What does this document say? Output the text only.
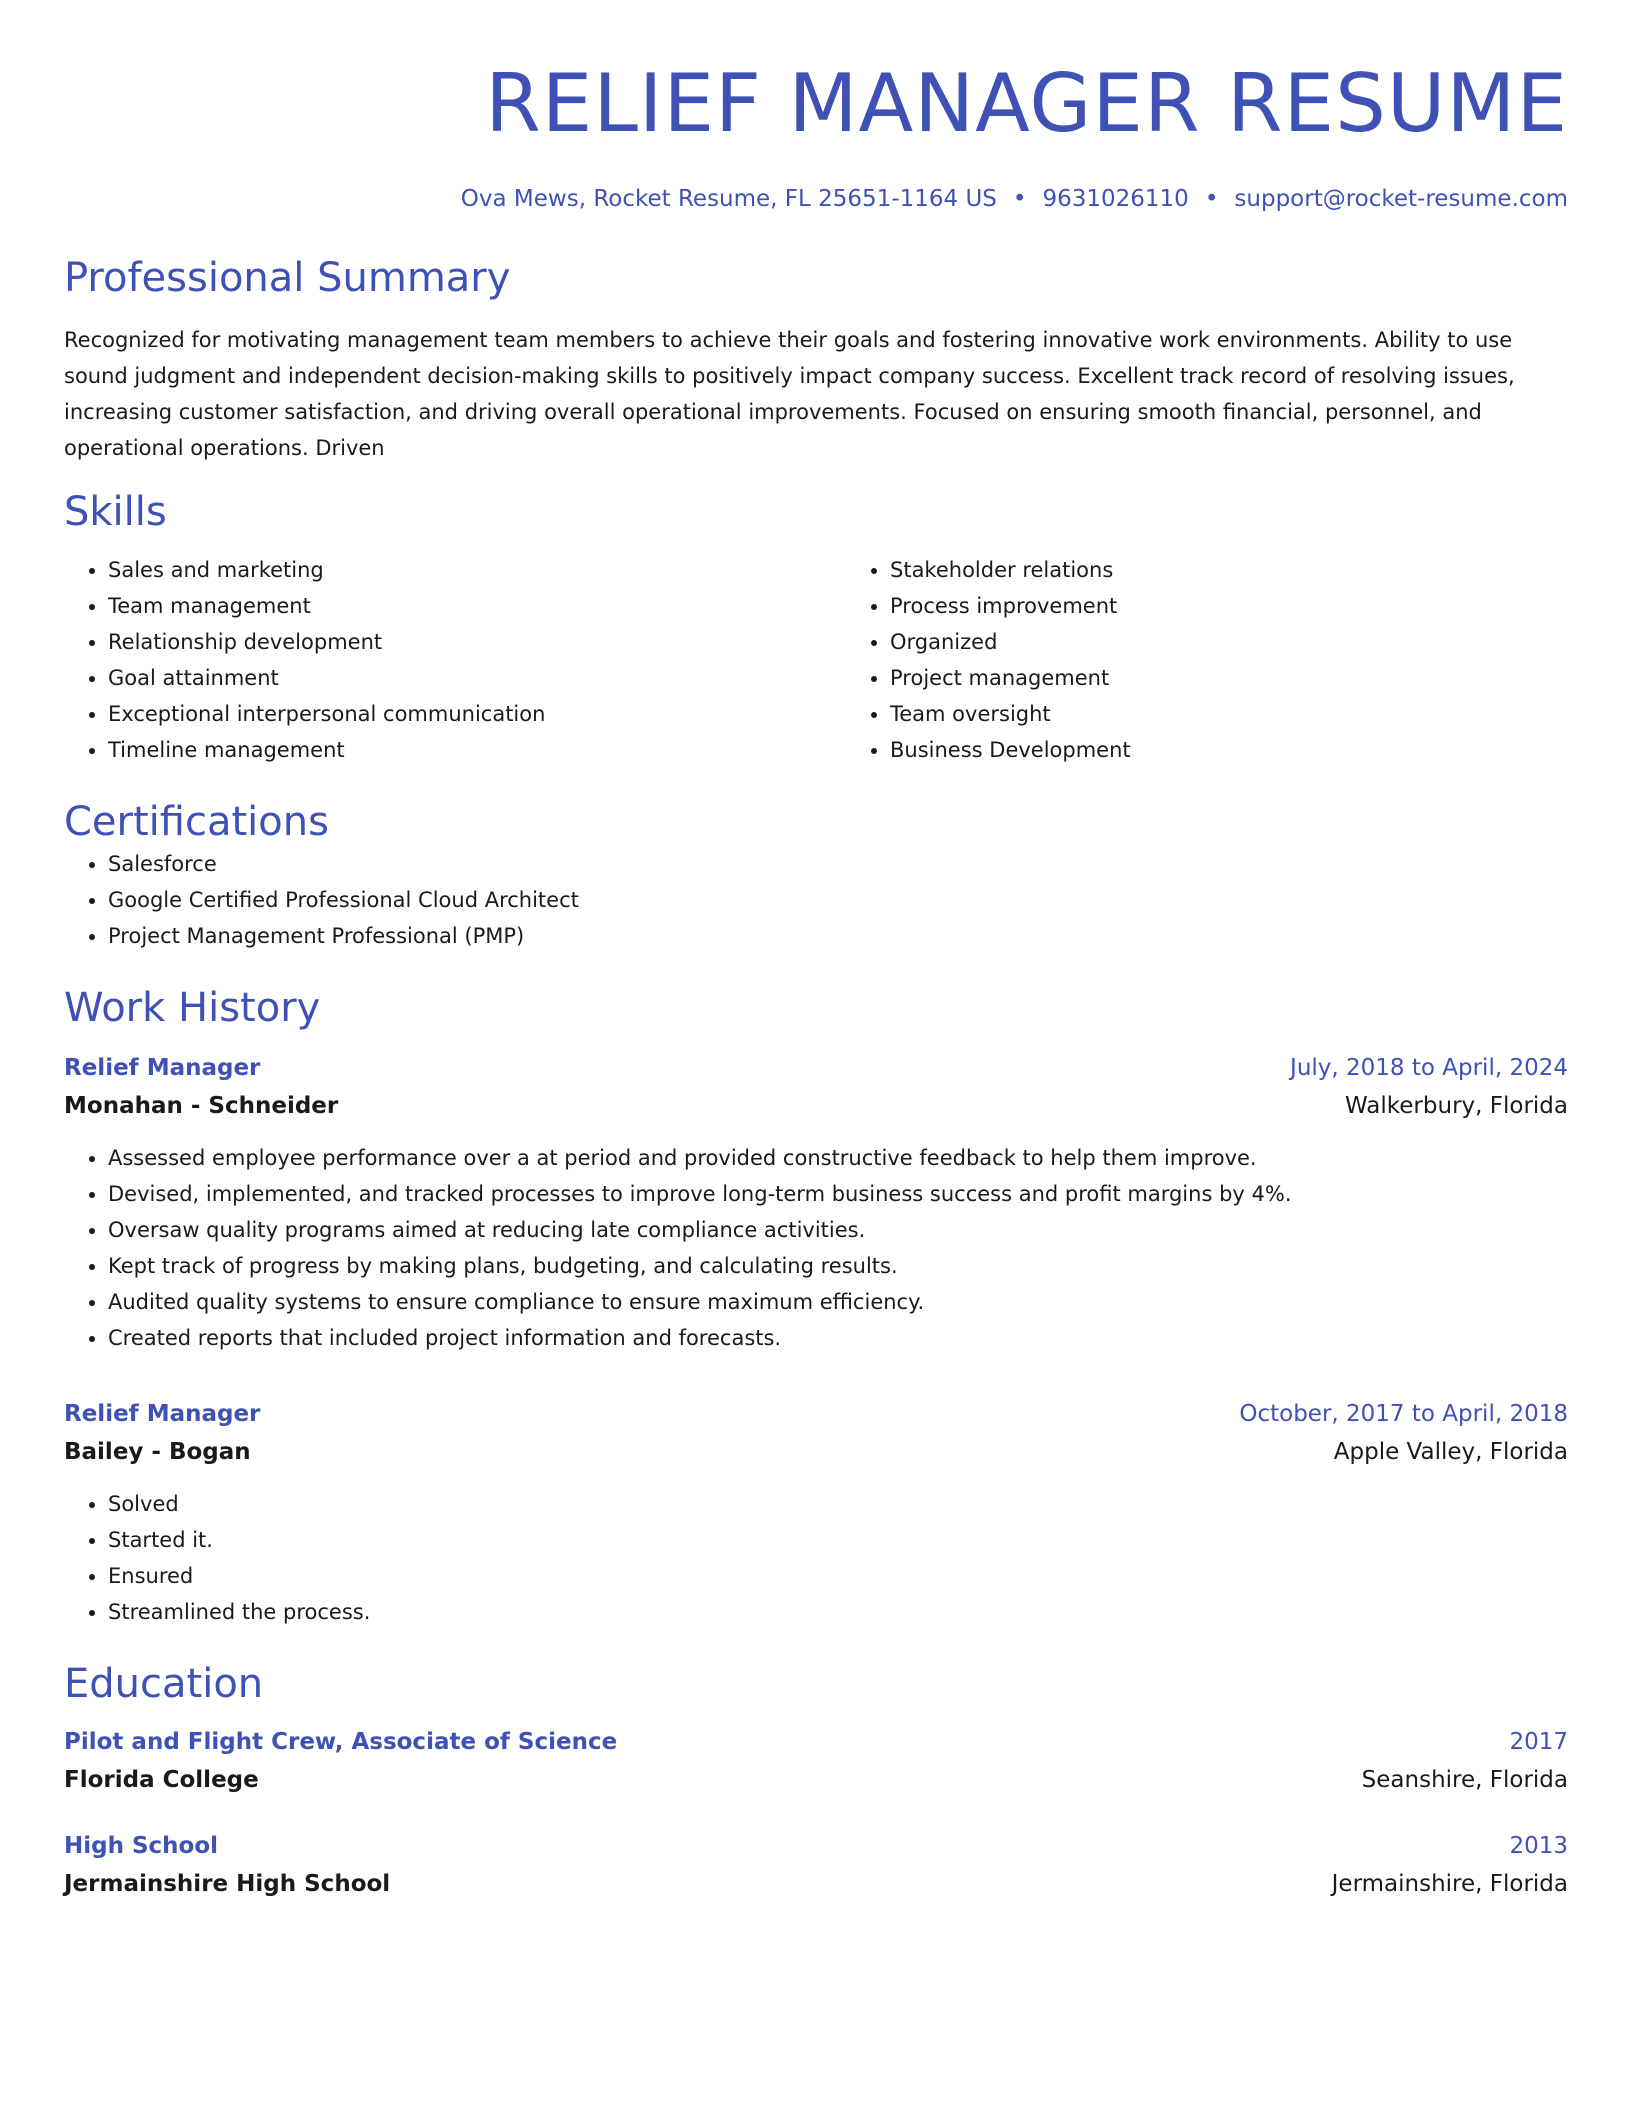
RELIEF MANAGER RESUME
Ova Mews, Rocket Resume, FL 25651-1164 US • 9631026110 • support@rocket-resume.com
Professional Summary

Recognized for motivating management team members to achieve their goals and fostering innovative work environments. Ability to use sound judgment and independent decision-making skills to positively impact company success. Excellent track record of resolving issues, increasing customer satisfaction, and driving overall operational improvements. Focused on ensuring smooth financial, personnel, and operational operations. Driven

Skills
• Sales and marketing
• Team management
• Relationship development
• Goal attainment
• Exceptional interpersonal communication
• Timeline management
• Stakeholder relations
• Process improvement
• Organized
• Project management
• Team oversight
• Business Development
Certifications
• Salesforce
• Google Certified Professional Cloud Architect
• Project Management Professional (PMP)
Work History
Relief Manager	July, 2018 to April, 2024
Monahan - Schneider	Walkerbury, Florida
• Assessed employee performance over a at period and provided constructive feedback to help them improve.
• Devised, implemented, and tracked processes to improve long-term business success and profit margins by 4%.
• Oversaw quality programs aimed at reducing late compliance activities.
• Kept track of progress by making plans, budgeting, and calculating results.
• Audited quality systems to ensure compliance to ensure maximum efficiency.
• Created reports that included project information and forecasts.
Relief Manager	October, 2017 to April, 2018
Bailey - Bogan	Apple Valley, Florida
• Solved
• Started it.
• Ensured
• Streamlined the process.
Education
Pilot and Flight Crew, Associate of Science	2017
Florida College	Seanshire, Florida
High School	2013
Jermainshire High School	Jermainshire, Florida
